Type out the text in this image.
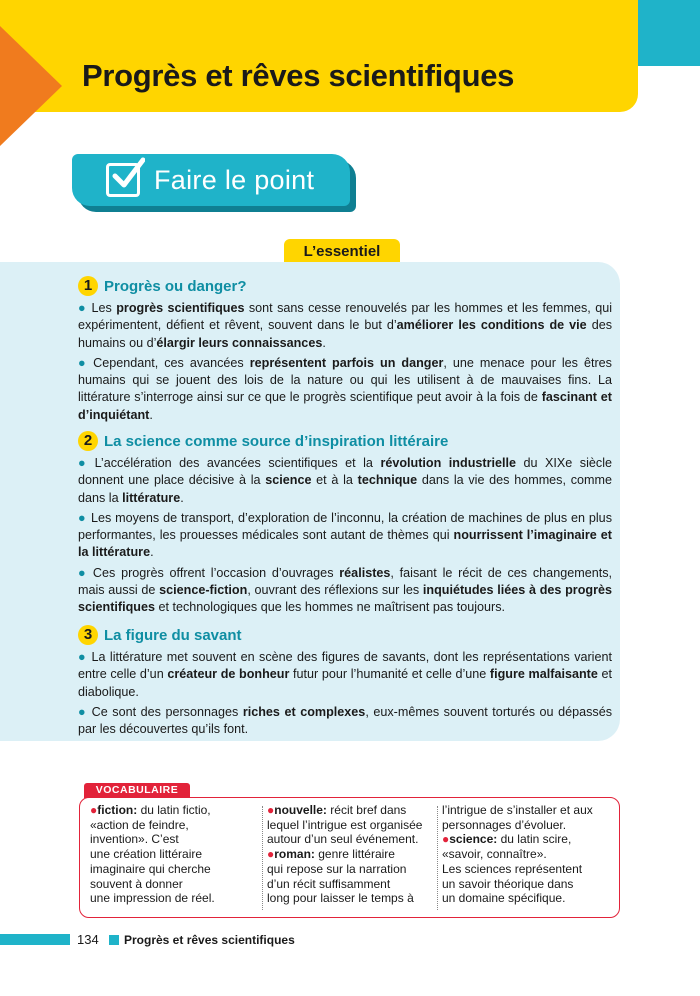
Progrès et rêves scientifiques
Faire le point
L’essentiel
1 Progrès ou danger?

● Les progrès scientifiques sont sans cesse renouvelés par les hommes et les femmes, qui expérimentent, défient et rêvent, souvent dans le but d’améliorer les conditions de vie des humains ou d’élargir leurs connaissances.

● Cependant, ces avancées représentent parfois un danger, une menace pour les êtres humains qui se jouent des lois de la nature ou qui les utilisent à de mauvaises fins. La littérature s’interroge ainsi sur ce que le progrès scientifique peut avoir à la fois de fascinant et d’inquiétant.

2 La science comme source d’inspiration littéraire

● L’accélération des avancées scientifiques et la révolution industrielle du XIXe siècle donnent une place décisive à la science et à la technique dans la vie des hommes, comme dans la littérature.

● Les moyens de transport, d’exploration de l’inconnu, la création de machines de plus en plus performantes, les prouesses médicales sont autant de thèmes qui nourrissent l’imaginaire et la littérature.

● Ces progrès offrent l’occasion d’ouvrages réalistes, faisant le récit de ces changements, mais aussi de science-fiction, ouvrant des réflexions sur les inquiétudes liées à des progrès scientifiques et technologiques que les hommes ne maîtrisent pas toujours.

3 La figure du savant

● La littérature met souvent en scène des figures de savants, dont les représentations varient entre celle d’un créateur de bonheur futur pour l’humanité et celle d’une figure malfaisante et diabolique.

● Ce sont des personnages riches et complexes, eux-mêmes souvent torturés ou dépassés par les découvertes qu’ils font.

VOCABULAIRE
●fiction: du latin fictio,
«action de feindre,
invention». C’est
une création littéraire
imaginaire qui cherche
souvent à donner
une impression de réel.
●nouvelle: récit bref dans
lequel l’intrigue est organisée
autour d’un seul événement.
●roman: genre littéraire
qui repose sur la narration
d’un récit suffisamment
long pour laisser le temps à
l’intrigue de s’installer et aux
personnages d’évoluer.
●science: du latin scire,
«savoir, connaître».
Les sciences représentent
un savoir théorique dans
un domaine spécifique.
134 Progrès et rêves scientifiques
